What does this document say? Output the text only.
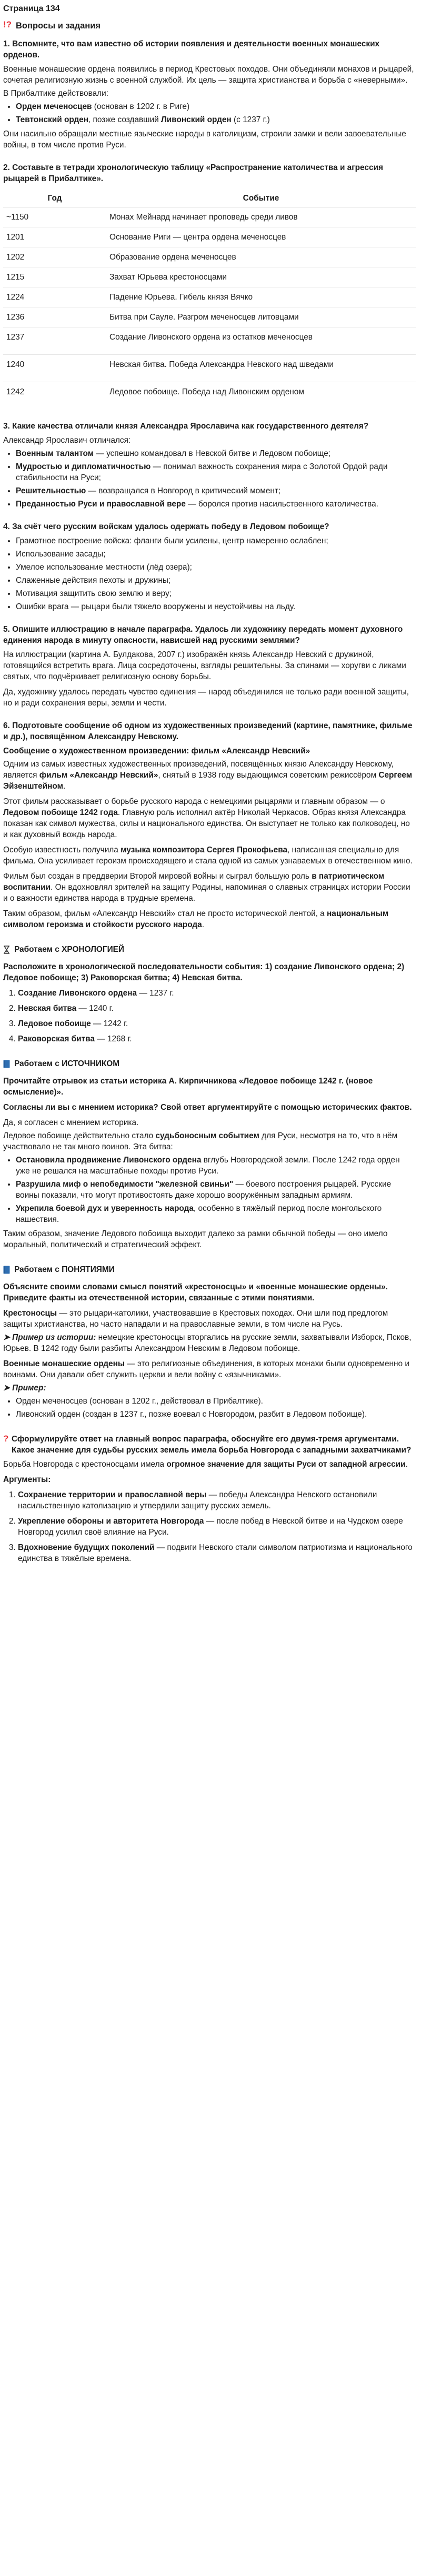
Страница 134
!? Вопросы и задания
1. Вспомните, что вам известно об истории появления и деятельности военных монашеских орденов.

Военные монашеские ордена появились в период Крестовых походов. Они объединяли монахов и рыцарей, сочетая религиозную жизнь с военной службой. Их цель — защита христианства и борьба с «неверными».

В Прибалтике действовали:

• Орден меченосцев (основан в 1202 г. в Риге)
• Тевтонский орден, позже создавший Ливонский орден (с 1237 г.)

Они насильно обращали местные языческие народы в католицизм, строили замки и вели завоевательные войны, в том числе против Руси.

2. Составьте в тетради хронологическую таблицу «Распространение католичества и агрессия рыцарей в Прибалтике».
Год	Событие
~1150	Монах Мейнард начинает проповедь среди ливов
1201	Основание Риги — центра ордена меченосцев
1202	Образование ордена меченосцев
1215	Захват Юрьева крестоносцами
1224	Падение Юрьева. Гибель князя Вячко
1236	Битва при Сауле. Разгром меченосцев литовцами
1237	Создание Ливонского ордена из остатков меченосцев
1240	Невская битва. Победа Александра Невского над шведами
1242	Ледовое побоище. Победа над Ливонским орденом
3. Какие качества отличали князя Александра Ярославича как государственного деятеля?

Александр Ярославич отличался:

• Военным талантом — успешно командовал в Невской битве и Ледовом побоище;
• Мудростью и дипломатичностью — понимал важность сохранения мира с Золотой Ордой ради стабильности на Руси;
• Решительностью — возвращался в Новгород в критический момент;
• Преданностью Руси и православной вере — боролся против насильственного католичества.
4. За счёт чего русским войскам удалось одержать победу в Ледовом побоище?
• Грамотное построение войска: фланги были усилены, центр намеренно ослаблен;
• Использование засады;
• Умелое использование местности (лёд озера);
• Слаженные действия пехоты и дружины;
• Мотивация защитить свою землю и веру;
• Ошибки врага — рыцари были тяжело вооружены и неустойчивы на льду.
5. Опишите иллюстрацию в начале параграфа. Удалось ли художнику передать момент духовного единения народа в минуту опасности, нависшей над русскими землями?

На иллюстрации (картина А. Булдакова, 2007 г.) изображён князь Александр Невский с дружиной, готовящийся встретить врага. Лица сосредоточены, взгляды решительны. За спинами — хоругви с ликами святых, что подчёркивает религиозную основу борьбы.

Да, художнику удалось передать чувство единения — народ объединился не только ради военной защиты, но и ради сохранения веры, земли и чести.

6. Подготовьте сообщение об одном из художественных произведений (картине, памятнике, фильме и др.), посвящённом Александру Невскому.

Сообщение о художественном произведении: фильм «Александр Невский»

Одним из самых известных художественных произведений, посвящённых князю Александру Невскому, является фильм «Александр Невский», снятый в 1938 году выдающимся советским режиссёром Сергеем Эйзенштейном.

Этот фильм рассказывает о борьбе русского народа с немецкими рыцарями и главным образом — о Ледовом побоище 1242 года. Главную роль исполнил актёр Николай Черкасов. Образ князя Александра показан как символ мужества, силы и национального единства. Он выступает не только как полководец, но и как духовный вождь народа.

Особую известность получила музыка композитора Сергея Прокофьева, написанная специально для фильма. Она усиливает героизм происходящего и стала одной из самых узнаваемых в отечественном кино.

Фильм был создан в преддверии Второй мировой войны и сыграл большую роль в патриотическом воспитании. Он вдохновлял зрителей на защиту Родины, напоминая о славных страницах истории России и о важности единства народа в трудные времена.

Таким образом, фильм «Александр Невский» стал не просто исторической лентой, а национальным символом героизма и стойкости русского народа.

Работаем с ХРОНОЛОГИЕЙ

Расположите в хронологической последовательности события: 1) создание Ливонского ордена; 2) Ледовое побоище; 3) Раковорская битва; 4) Невская битва.

1. Создание Ливонского ордена — 1237 г.
2. Невская битва — 1240 г.
3. Ледовое побоище — 1242 г.
4. Раковорская битва — 1268 г.
Работаем с ИСТОЧНИКОМ

Прочитайте отрывок из статьи историка А. Кирпичникова «Ледовое побоище 1242 г. (новое осмысление)».

Согласны ли вы с мнением историка? Свой ответ аргументируйте с помощью исторических фактов.

Да, я согласен с мнением историка.

Ледовое побоище действительно стало судьбоносным событием для Руси, несмотря на то, что в нём участвовало не так много воинов. Эта битва:

• Остановила продвижение Ливонского ордена вглубь Новгородской земли. После 1242 года орден уже не решался на масштабные походы против Руси.
• Разрушила миф о непобедимости "железной свиньи" — боевого построения рыцарей. Русские воины показали, что могут противостоять даже хорошо вооружённым западным армиям.
• Укрепила боевой дух и уверенность народа, особенно в тяжёлый период после монгольского нашествия.

Таким образом, значение Ледового побоища выходит далеко за рамки обычной победы — оно имело моральный, политический и стратегический эффект.

Работаем с ПОНЯТИЯМИ

Объясните своими словами смысл понятий «крестоносцы» и «военные монашеские ордены». Приведите факты из отечественной истории, связанные с этими понятиями.

Крестоносцы — это рыцари-католики, участвовавшие в Крестовых походах. Они шли под предлогом защиты христианства, но часто нападали и на православные земли, в том числе на Русь.

➤ Пример из истории: немецкие крестоносцы вторгались на русские земли, захватывали Изборск, Псков, Юрьев. В 1242 году были разбиты Александром Невским в Ледовом побоище.

Военные монашеские ордены — это религиозные объединения, в которых монахи были одновременно и воинами. Они давали обет служить церкви и вели войну с «язычниками».

➤ Пример:

• Орден меченосцев (основан в 1202 г., действовал в Прибалтике).
• Ливонский орден (создан в 1237 г., позже воевал с Новгородом, разбит в Ледовом побоище).
? Сформулируйте ответ на главный вопрос параграфа, обоснуйте его двумя-тремя аргументами. Какое значение для судьбы русских земель имела борьба Новгорода с западными захватчиками?

Борьба Новгорода с крестоносцами имела огромное значение для защиты Руси от западной агрессии.

Аргументы:

1. Сохранение территории и православной веры — победы Александра Невского остановили насильственную католизацию и утвердили защиту русских земель.
2. Укрепление обороны и авторитета Новгорода — после побед в Невской битве и на Чудском озере Новгород усилил своё влияние на Руси.
3. Вдохновение будущих поколений — подвиги Невского стали символом патриотизма и национального единства в тяжёлые времена.
